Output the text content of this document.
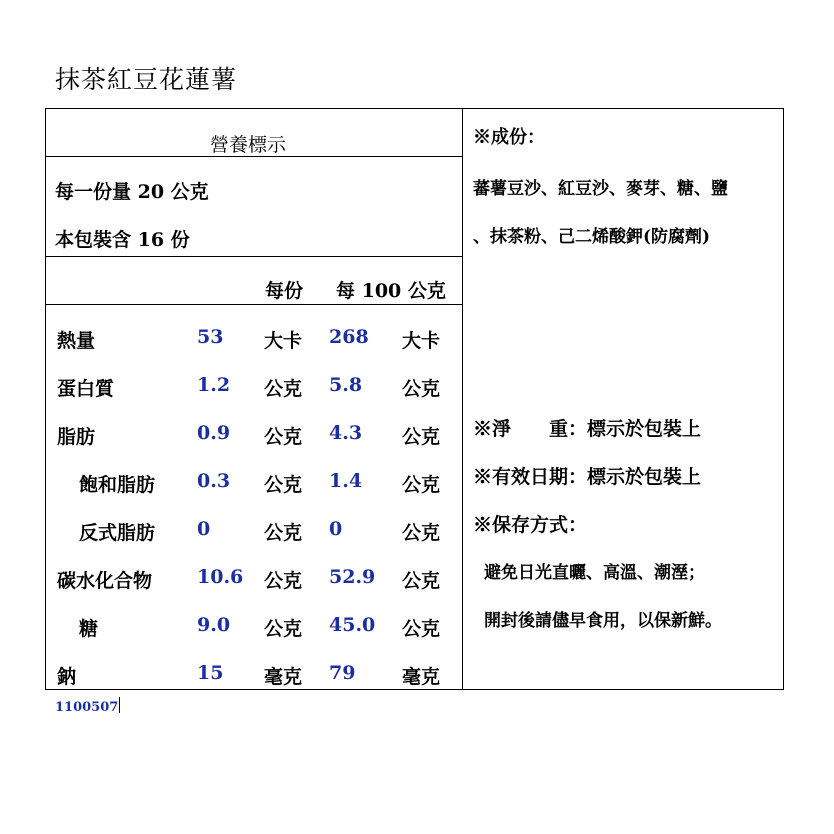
抹茶紅豆花蓮薯
營養標示
每一份量 20 公克
本包裝含 16 份
每份 每 100 公克
熱量	53 大卡 268 大卡
蛋白質	1.2 公克 5.8 公克
脂肪	0.9 公克 4.3 公克
飽和脂肪 0.3 公克 1.4 公克
反式脂肪 0	公克 0	公克
碳水化合物 10.6 公克 52.9 公克
糖	9.0 公克 45.0 公克
鈉	15 毫克 79 毫克
※成份：
蕃薯豆沙、紅豆沙、麥芽、糖、鹽
、抹茶粉、己二烯酸鉀(防腐劑)
※淨　　重：標示於包裝上
※有效日期：標示於包裝上
※保存方式：
避免日光直曬、高溫、潮溼；
開封後請儘早食用，以保新鮮。
1100507
